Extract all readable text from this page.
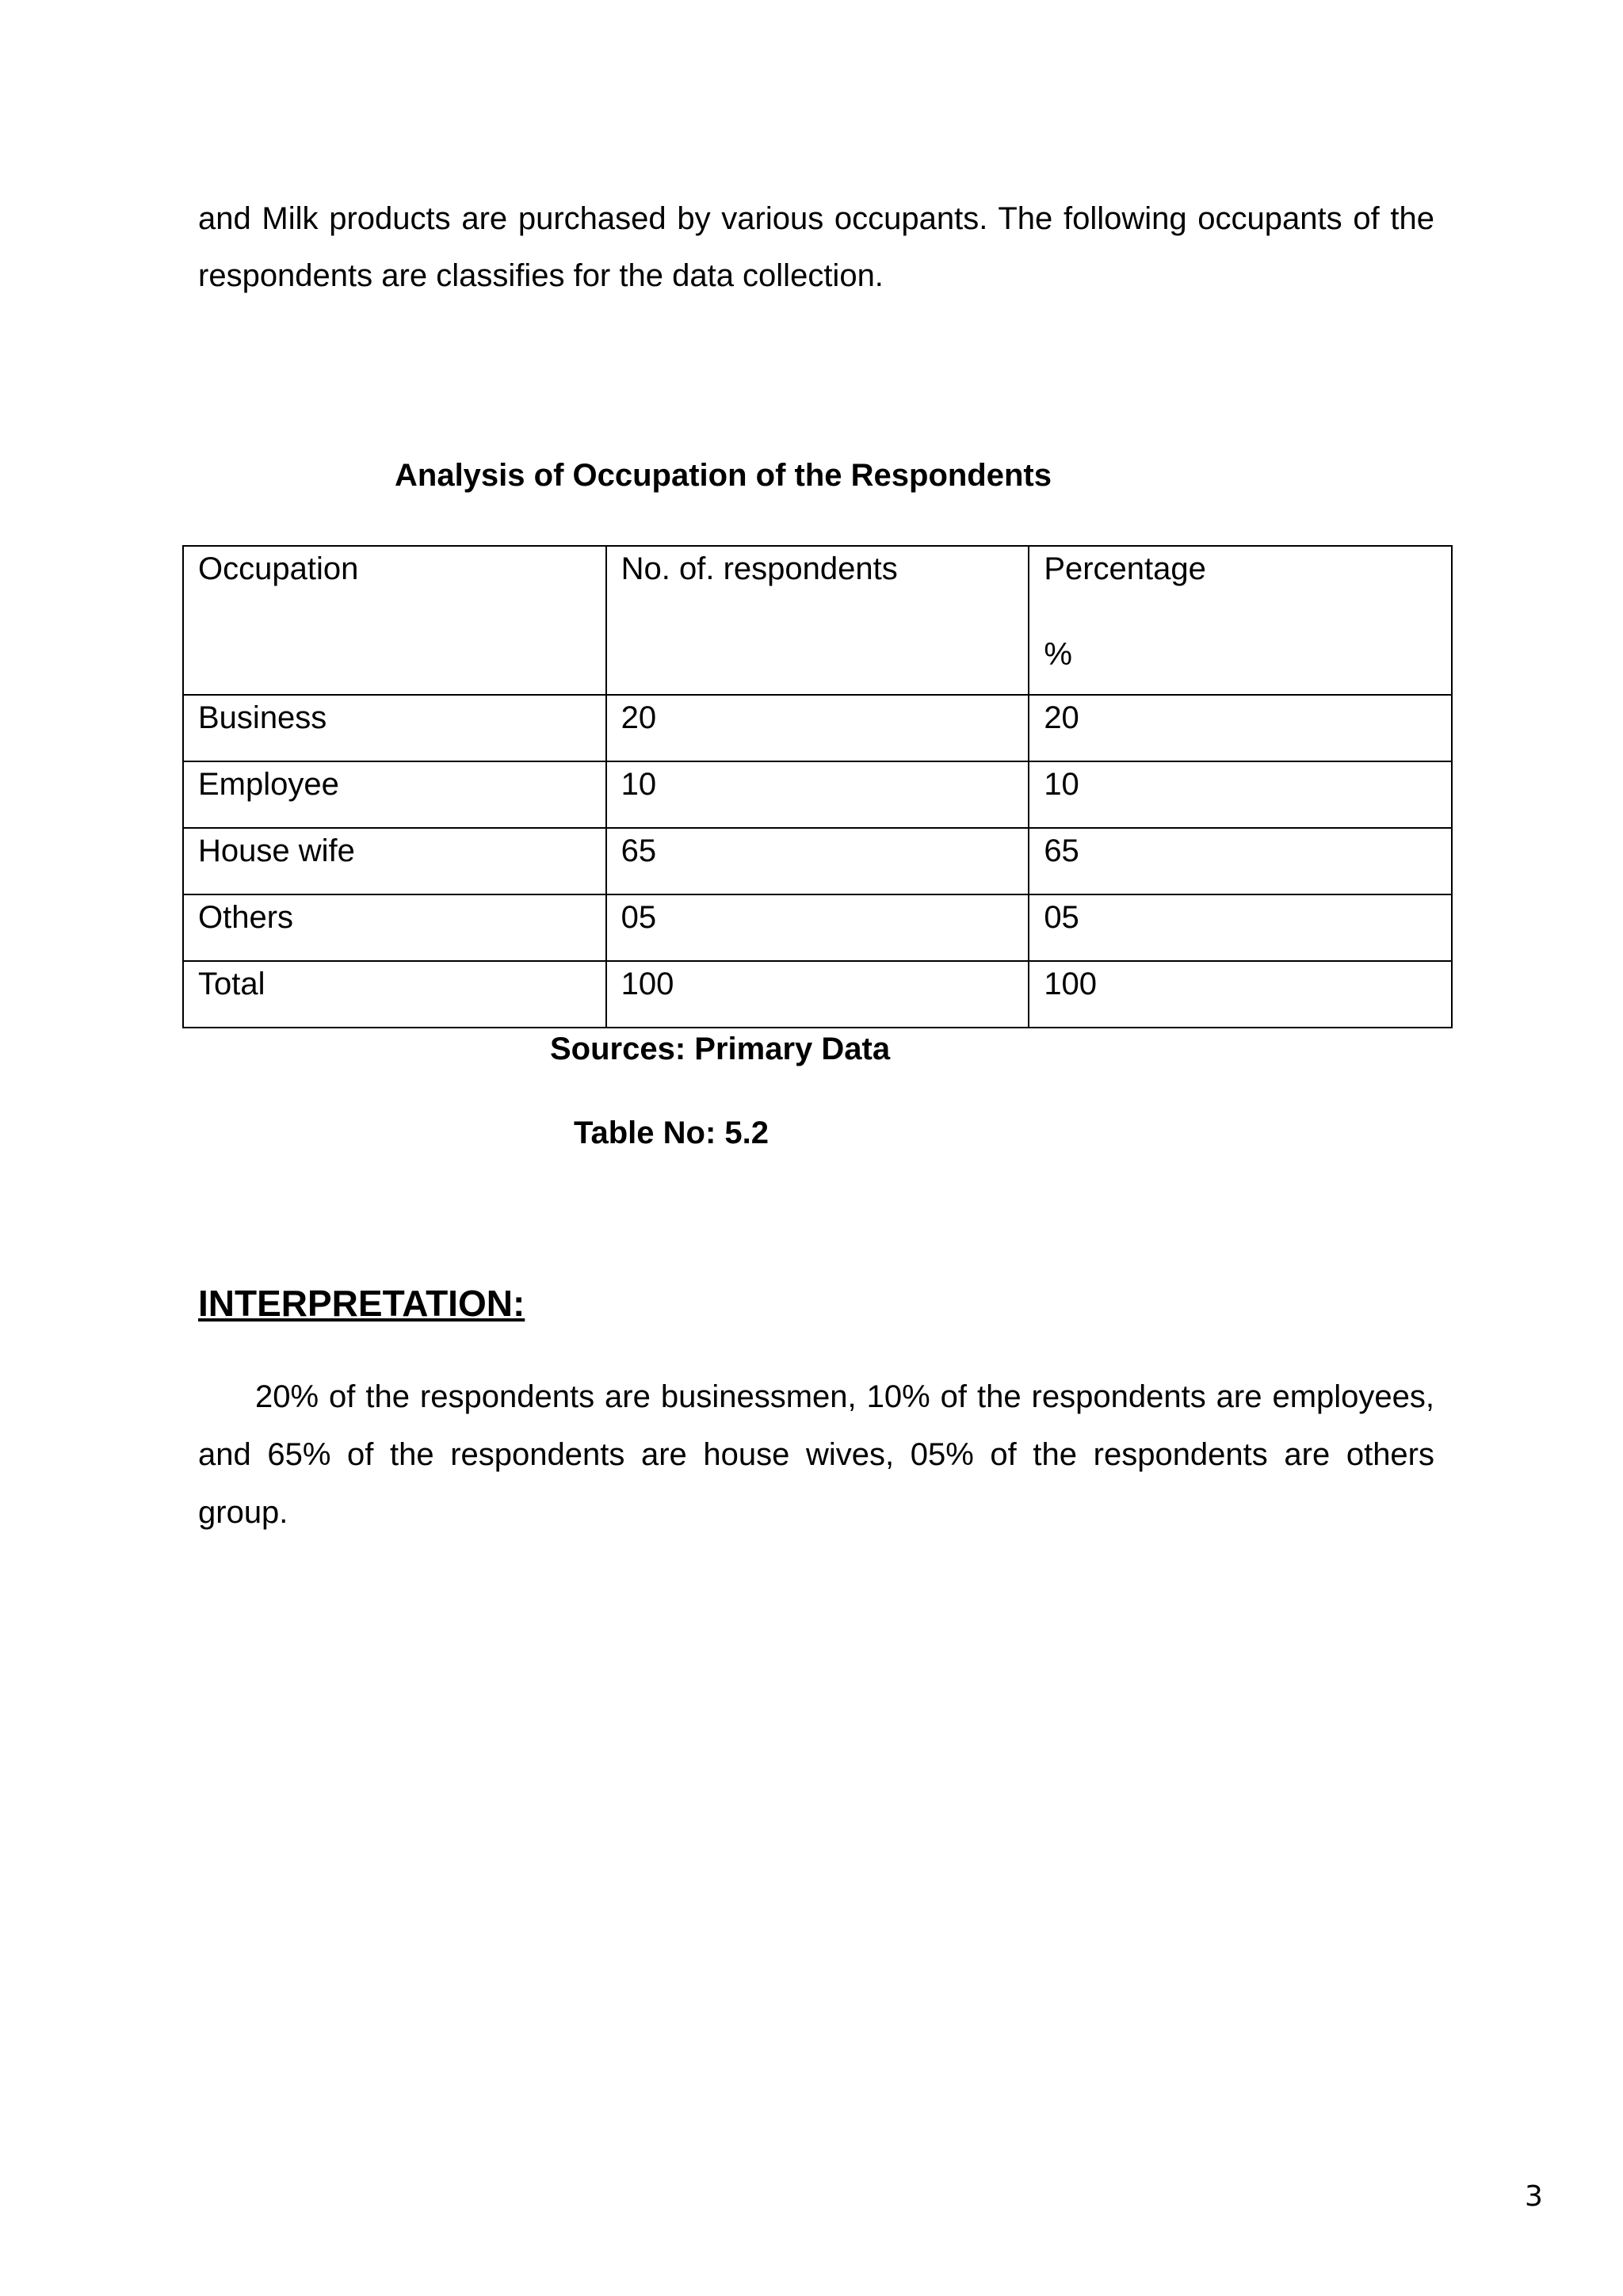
and Milk products are purchased by various occupants. The following occupants of the respondents are classifies for the data collection.

Analysis of Occupation of the Respondents

Occupation	No. of. respondents	Percentage
%

Business	20	20
Employee	10	10
House wife	65	65
Others	05	05
Total	100	100

Sources: Primary Data

Table No: 5.2

INTERPRETATION:

20% of the respondents are businessmen, 10% of the respondents are employees, and 65% of the respondents are house wives, 05% of the respondents are others group.

3
